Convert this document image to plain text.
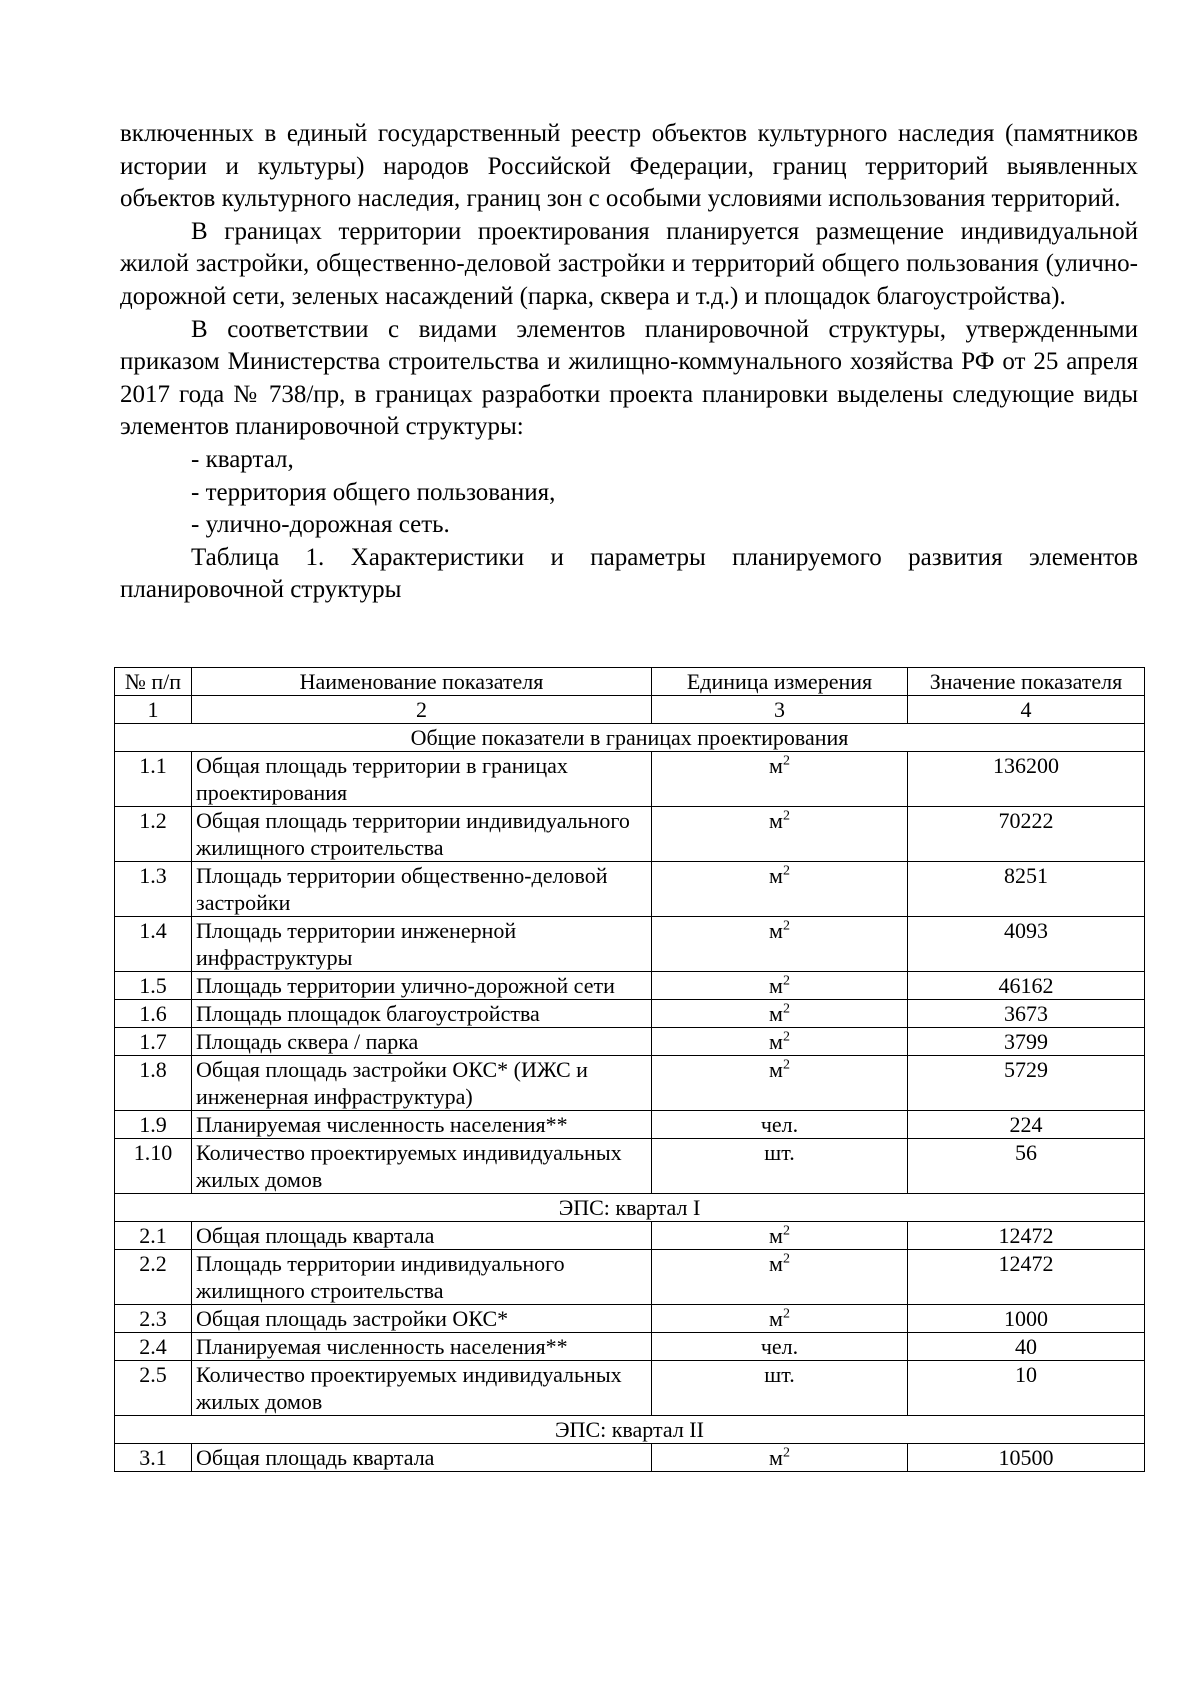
включенных в единый государственный реестр объектов культурного наследия (памятников истории и культуры) народов Российской Федерации, границ территорий выявленных объектов культурного наследия, границ зон с особыми условиями использования территорий.

В границах территории проектирования планируется размещение индивидуальной жилой застройки, общественно-деловой застройки и территорий общего пользования (улично-дорожной сети, зеленых насаждений (парка, сквера и т.д.) и площадок благоустройства).

В соответствии с видами элементов планировочной структуры, утвержденными приказом Министерства строительства и жилищно-коммунального хозяйства РФ от 25 апреля 2017 года № 738/пр, в границах разработки проекта планировки выделены следующие виды элементов планировочной структуры:

- квартал,

- территория общего пользования,

- улично-дорожная сеть.

Таблица 1. Характеристики и параметры планируемого развития элементов планировочной структуры

№ п/п	Наименование показателя	Единица измерения	Значение показателя
1	2	3	4
Общие показатели в границах проектирования			
1.1	Общая площадь территории в границах проектирования	$м^2$	136200
1.2	Общая площадь территории индивидуального жилищного строительства	$м^2$	70222
1.3	Площадь территории общественно-деловой застройки	$м^2$	8251
1.4	Площадь территории инженерной инфраструктуры	$м^2$	4093
1.5	Площадь территории улично-дорожной сети	$м^2$	46162
1.6	Площадь площадок благоустройства	$м^2$	3673
1.7	Площадь сквера / парка	$м^2$	3799
1.8	Общая площадь застройки ОКС* (ИЖС и инженерная инфраструктура)	$м^2$	5729
1.9	Планируемая численность населения**	чел.	224
1.10	Количество проектируемых индивидуальных жилых домов	шт.	56
ЭПС: квартал I			
2.1	Общая площадь квартала	$м^2$	12472
2.2	Площадь территории индивидуального жилищного строительства	$м^2$	12472
2.3	Общая площадь застройки ОКС*	$м^2$	1000
2.4	Планируемая численность населения**	чел.	40
2.5	Количество проектируемых индивидуальных жилых домов	шт.	10
ЭПС: квартал II			
3.1	Общая площадь квартала	$м^2$	10500
